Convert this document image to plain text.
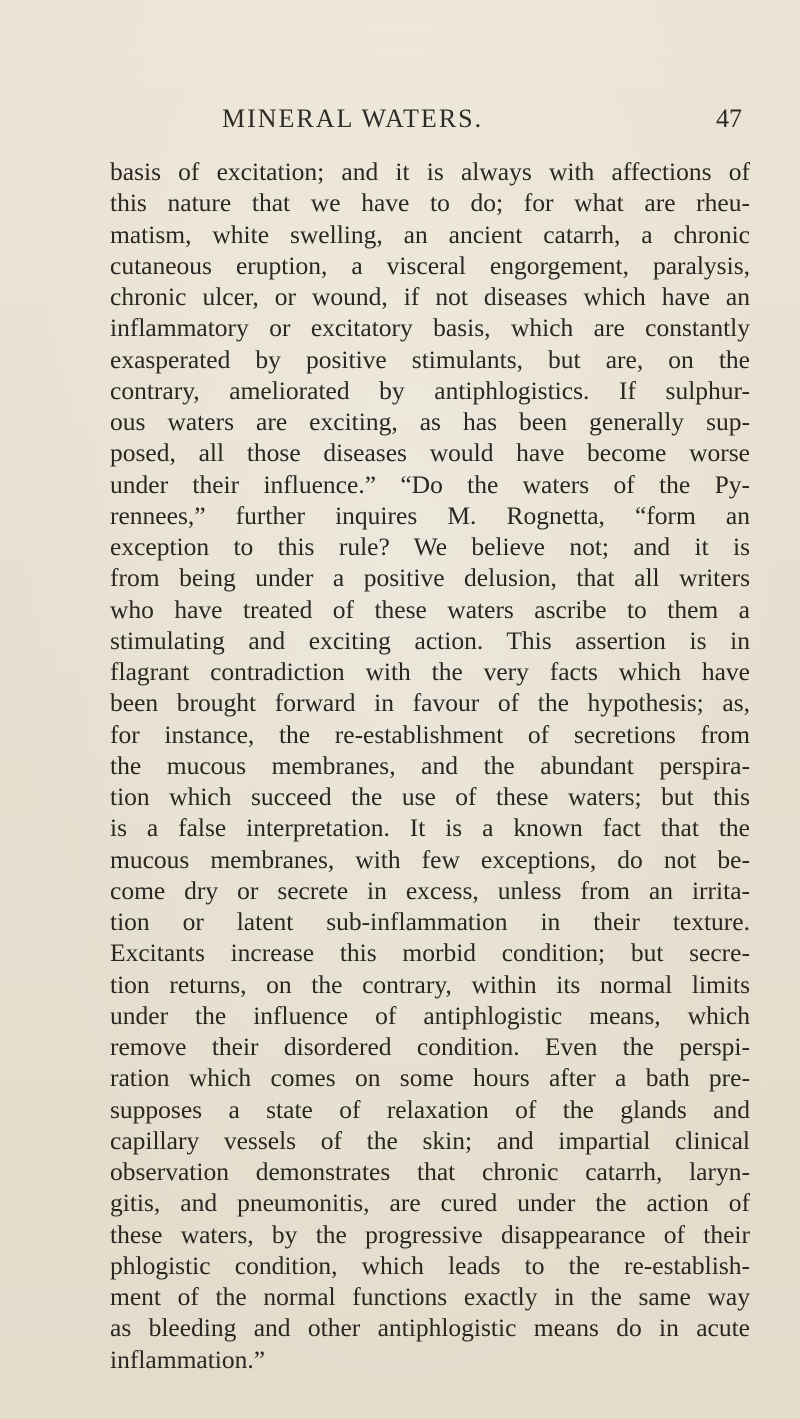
MINERAL WATERS.	47
basis of excitation; and it is always with affections of
this nature that we have to do; for what are rheu-
matism, white swelling, an ancient catarrh, a chronic
cutaneous eruption, a visceral engorgement, paralysis,
chronic ulcer, or wound, if not diseases which have an
inflammatory or excitatory basis, which are constantly
exasperated by positive stimulants, but are, on the
contrary, ameliorated by antiphlogistics. If sulphur-
ous waters are exciting, as has been generally sup-
posed, all those diseases would have become worse
under their influence.” “Do the waters of the Py-
rennees,” further inquires M. Rognetta, “form an
exception to this rule? We believe not; and it is
from being under a positive delusion, that all writers
who have treated of these waters ascribe to them a
stimulating and exciting action. This assertion is in
flagrant contradiction with the very facts which have
been brought forward in favour of the hypothesis; as,
for instance, the re-establishment of secretions from
the mucous membranes, and the abundant perspira-
tion which succeed the use of these waters; but this
is a false interpretation. It is a known fact that the
mucous membranes, with few exceptions, do not be-
come dry or secrete in excess, unless from an irrita-
tion or latent sub-inflammation in their texture.
Excitants increase this morbid condition; but secre-
tion returns, on the contrary, within its normal limits
under the influence of antiphlogistic means, which
remove their disordered condition. Even the perspi-
ration which comes on some hours after a bath pre-
supposes a state of relaxation of the glands and
capillary vessels of the skin; and impartial clinical
observation demonstrates that chronic catarrh, laryn-
gitis, and pneumonitis, are cured under the action of
these waters, by the progressive disappearance of their
phlogistic condition, which leads to the re-establish-
ment of the normal functions exactly in the same way
as bleeding and other antiphlogistic means do in acute
inflammation.”
